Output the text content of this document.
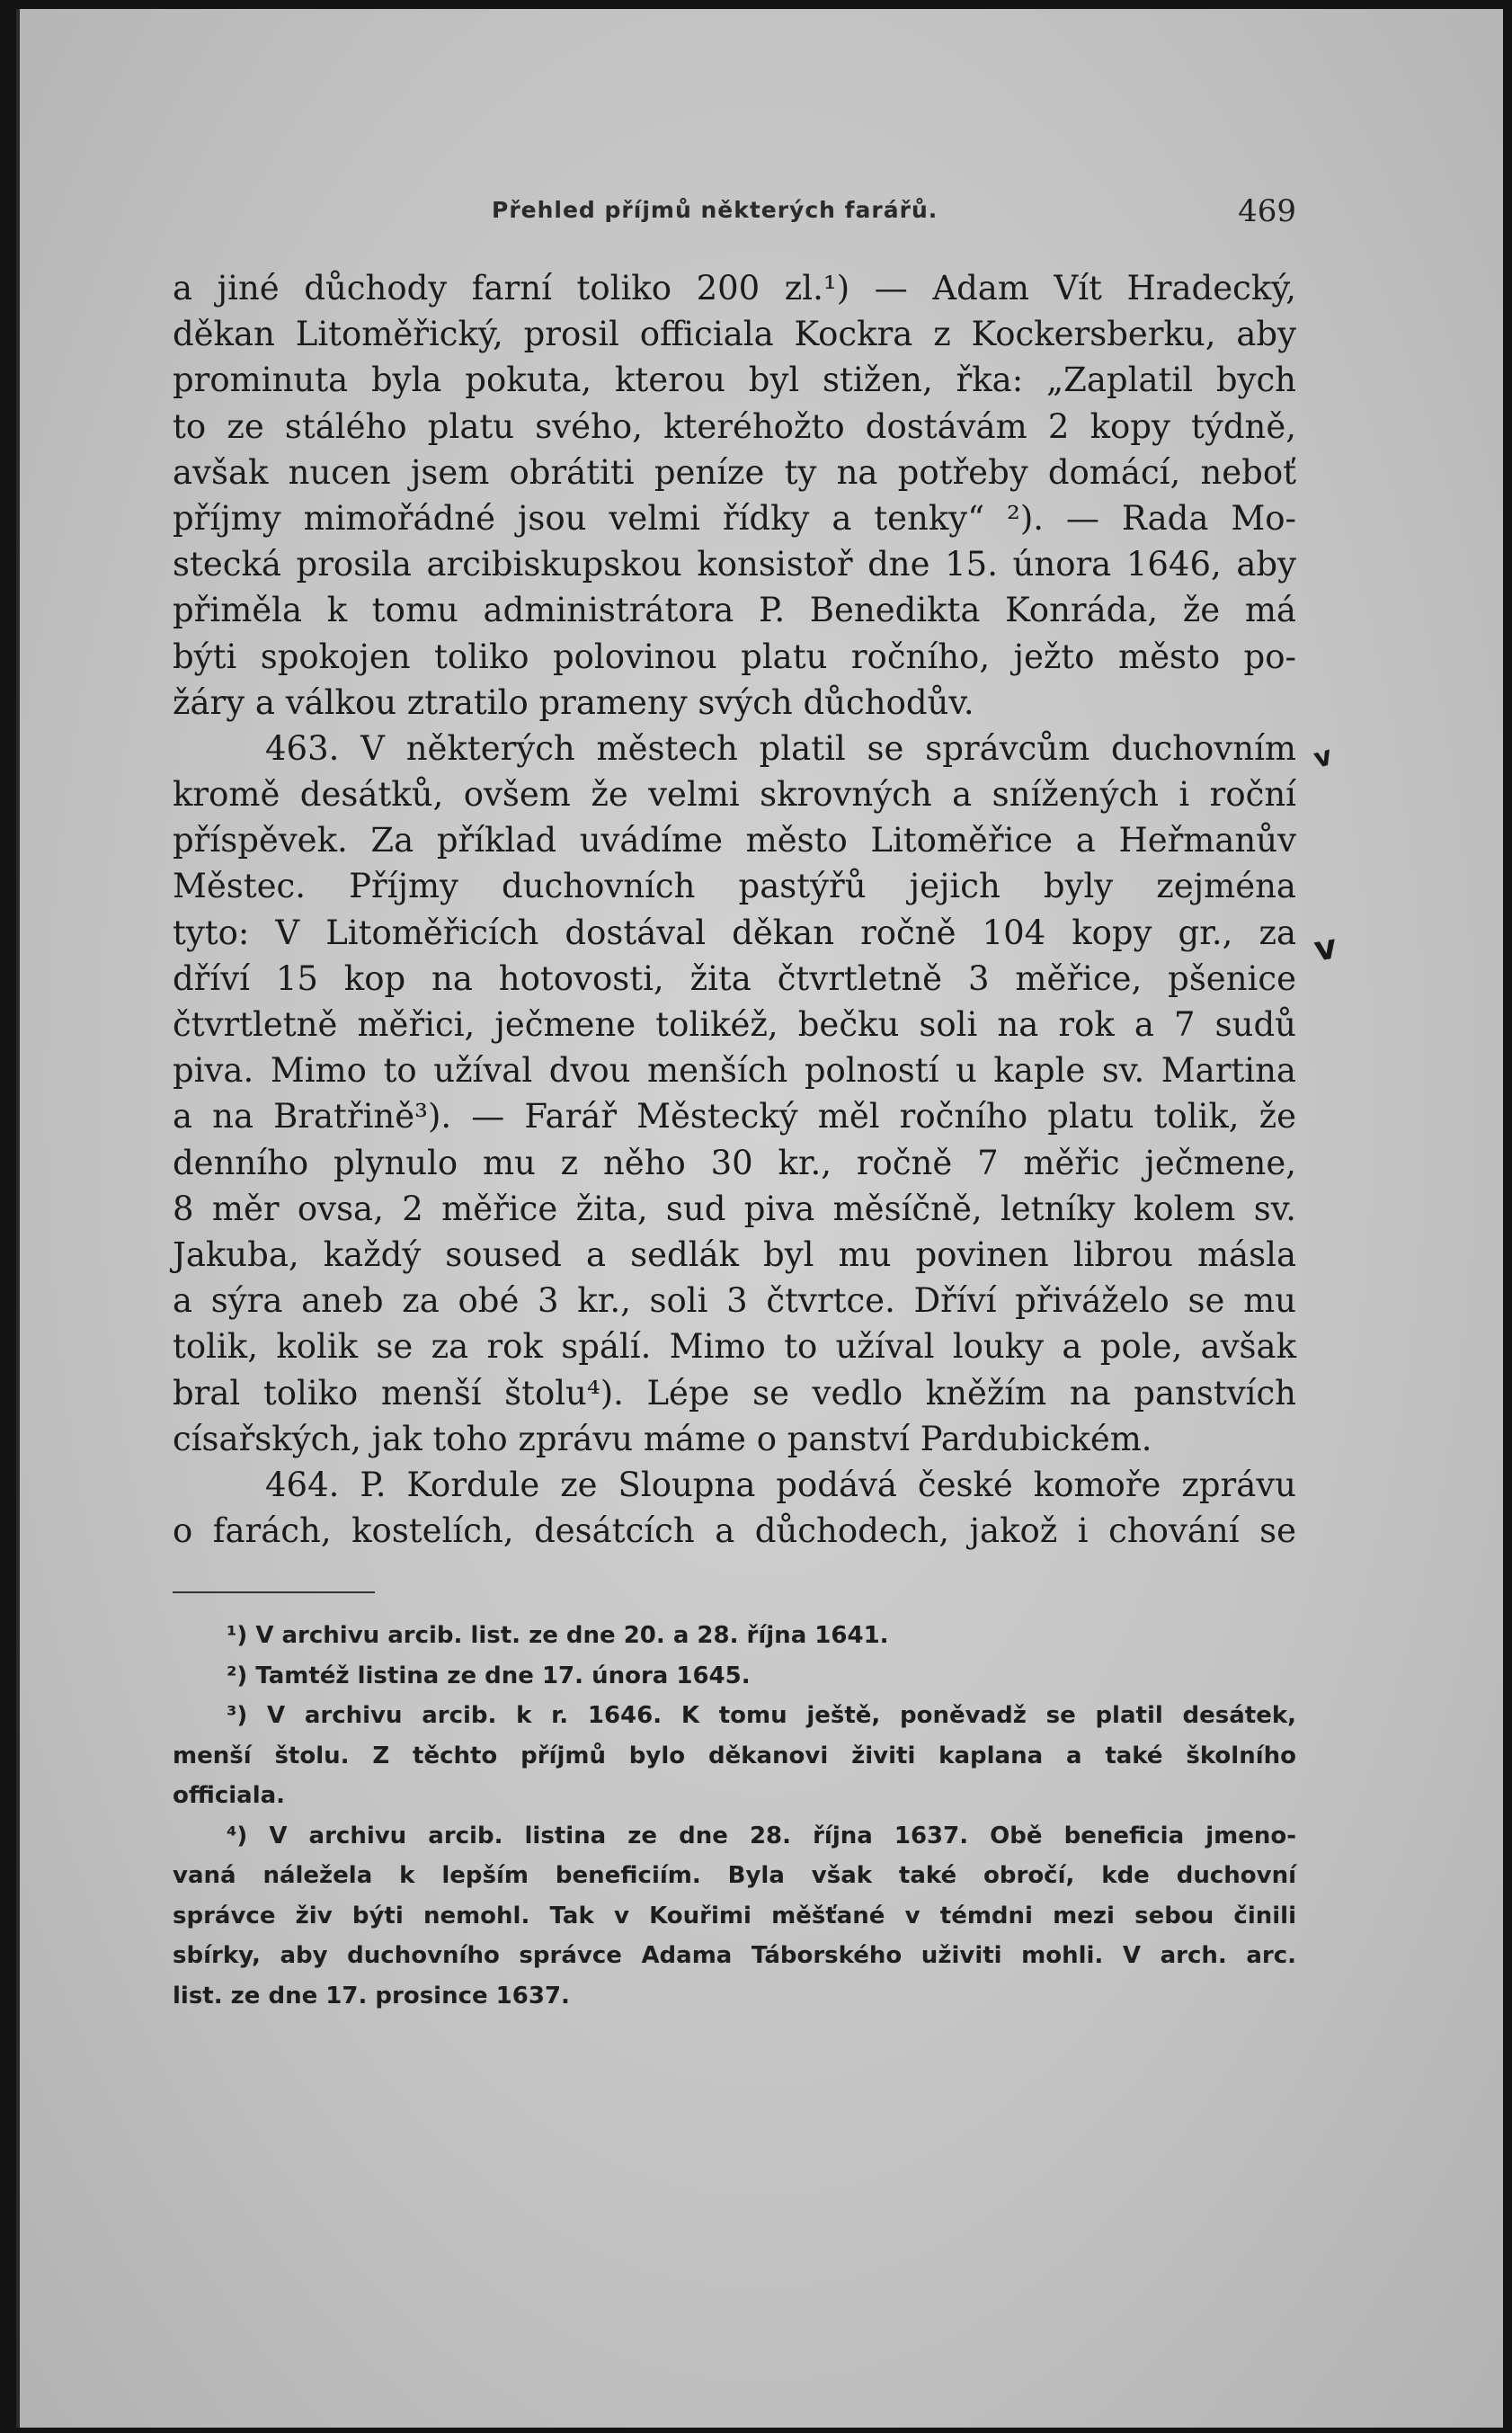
Přehled příjmů některých farářů.	469
a jiné důchody farní toliko 200 zl.¹) — Adam Vít Hradecký,
děkan Litoměřický, prosil officiala Kockra z Kockersberku, aby
prominuta byla pokuta, kterou byl stižen, řka: „Zaplatil bych
to ze stálého platu svého, kteréhožto dostávám 2 kopy týdně,
avšak nucen jsem obrátiti peníze ty na potřeby domácí, neboť
příjmy mimořádné jsou velmi řídky a tenky“ ²). — Rada Mo-
stecká prosila arcibiskupskou konsistoř dne 15. února 1646, aby
přiměla k tomu administrátora P. Benedikta Konráda, že má
býti spokojen toliko polovinou platu ročního, ježto město po-
žáry a válkou ztratilo prameny svých důchodův.
463. V některých městech platil se správcům duchovním
kromě desátků, ovšem že velmi skrovných a snížených i roční
příspěvek. Za příklad uvádíme město Litoměřice a Heřmanův
Městec. Příjmy duchovních pastýřů jejich byly zejména
tyto: V Litoměřicích dostával děkan ročně 104 kopy gr., za
dříví 15 kop na hotovosti, žita čtvrtletně 3 měřice, pšenice
čtvrtletně měřici, ječmene tolikéž, bečku soli na rok a 7 sudů
piva. Mimo to užíval dvou menších polností u kaple sv. Martina
a na Bratřině³). — Farář Městecký měl ročního platu tolik, že
denního plynulo mu z něho 30 kr., ročně 7 měřic ječmene,
8 měr ovsa, 2 měřice žita, sud piva měsíčně, letníky kolem sv.
Jakuba, každý soused a sedlák byl mu povinen librou másla
a sýra aneb za obé 3 kr., soli 3 čtvrtce. Dříví přiváželo se mu
tolik, kolik se za rok spálí. Mimo to užíval louky a pole, avšak
bral toliko menší štolu⁴). Lépe se vedlo kněžím na panstvích
císařských, jak toho zprávu máme o panství Pardubickém.
464. P. Kordule ze Sloupna podává české komoře zprávu
o farách, kostelích, desátcích a důchodech, jakož i chování se
¹) V archivu arcib. list. ze dne 20. a 28. října 1641.
²) Tamtéž listina ze dne 17. února 1645.
³) V archivu arcib. k r. 1646. K tomu ještě, poněvadž se platil desátek,
menší štolu. Z těchto příjmů bylo děkanovi živiti kaplana a také školního
officiala.
⁴) V archivu arcib. listina ze dne 28. října 1637. Obě beneficia jmeno-
vaná náležela k lepším beneficiím. Byla však také obročí, kde duchovní
správce živ býti nemohl. Tak v Kouřimi měšťané v témdni mezi sebou činili
sbírky, aby duchovního správce Adama Táborského uživiti mohli. V arch. arc.
list. ze dne 17. prosince 1637.
v
v
